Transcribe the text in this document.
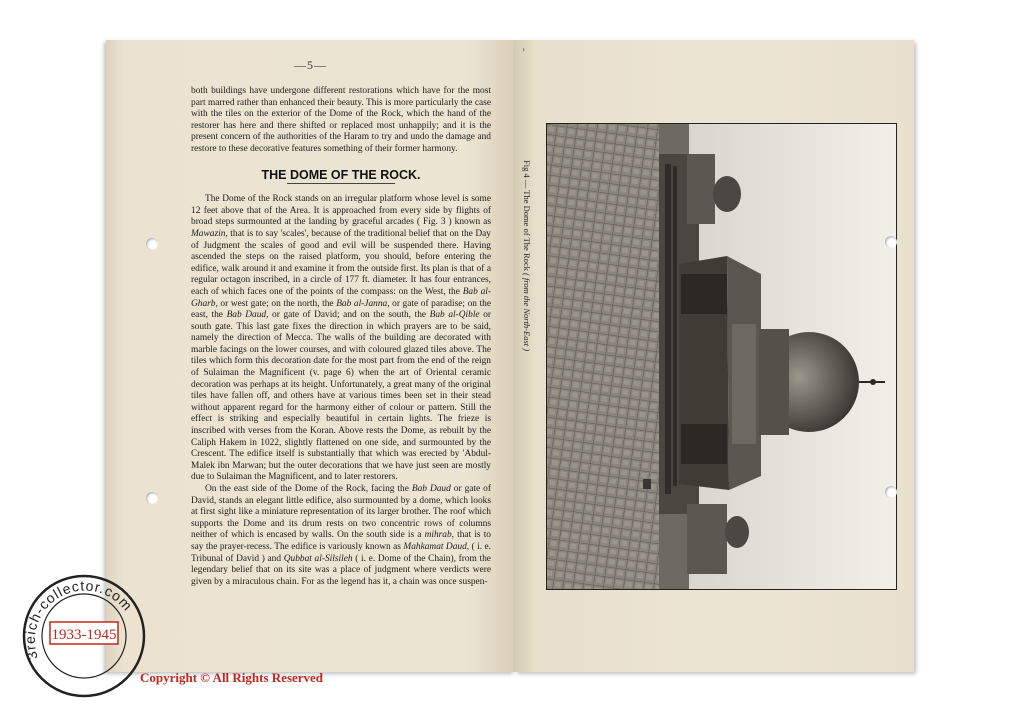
—5—

both buildings have undergone different restorations which have for the most part marred rather than enhanced their beauty. This is more particularly the case with the tiles on the exterior of the Dome of the Rock, which the hand of the restorer has here and there shifted or replaced most unhappily; and it is the present concern of the authorities of the Haram to try and undo the damage and restore to these decorative features something of their former harmony.

THE DOME OF THE ROCK.

The Dome of the Rock stands on an irregular platform whose level is some 12 feet above that of the Area. It is approached from every side by flights of broad steps surmounted at the landing by graceful arcades ( Fig. 3 ) known as Mawazin, that is to say 'scales', because of the traditional belief that on the Day of Judgment the scales of good and evil will be suspended there. Having ascended the steps on the raised platform, you should, before entering the edifice, walk around it and examine it from the outside first. Its plan is that of a regular octagon inscribed, in a circle of 177 ft. diameter. It has four entrances, each of which faces one of the points of the compass: on the West, the Bab al-Gharb, or west gate; on the north, the Bab al-Janna, or gate of paradise; on the east, the Bab Daud, or gate of David; and on the south, the Bab al-Qible or south gate. This last gate fixes the direction in which prayers are to be said, namely the direction of Mecca. The walls of the building are decorated with marble facings on the lower courses, and with coloured glazed tiles above. The tiles which form this decoration date for the most part from the end of the reign of Sulaiman the Magnificent (v. page 6) when the art of Oriental ceramic decoration was perhaps at its height. Unfortunately, a great many of the original tiles have fallen off, and others have at various times been set in their stead without apparent regard for the harmony either of colour or pattern. Still the effect is striking and especially beautiful in certain lights. The frieze is inscribed with verses from the Koran. Above rests the Dome, as rebuilt by the Caliph Hakem in 1022, slightly flattened on one side, and surmounted by the Crescent. The edifice itself is substantially that which was erected by 'Abdul-Malek ibn Marwan; but the outer decorations that we have just seen are mostly due to Sulaiman the Magnificent, and to later restorers.

On the east side of the Dome of the Rock, facing the Bab Daud or gate of David, stands an elegant little edifice, also surmounted by a dome, which looks at first sight like a miniature representation of its larger brother. The roof which supports the Dome and its drum rests on two concentric rows of columns neither of which is encased by walls. On the south side is a mihrab, that is to say the prayer-recess. The edifice is variously known as Mahkamat Daud, ( i. e. Tribunal of David ) and Qubbat al-Silsileh ( i. e. Dome of the Chain), from the legendary belief that on its site was a place of judgment where verdicts were given by a miraculous chain. For as the legend has it, a chain was once suspen-

›
Fig 4 — The Dome of The Rock ( from the North-East )
3reich-collector.com
1933-1945
Copyright © All Rights Reserved
